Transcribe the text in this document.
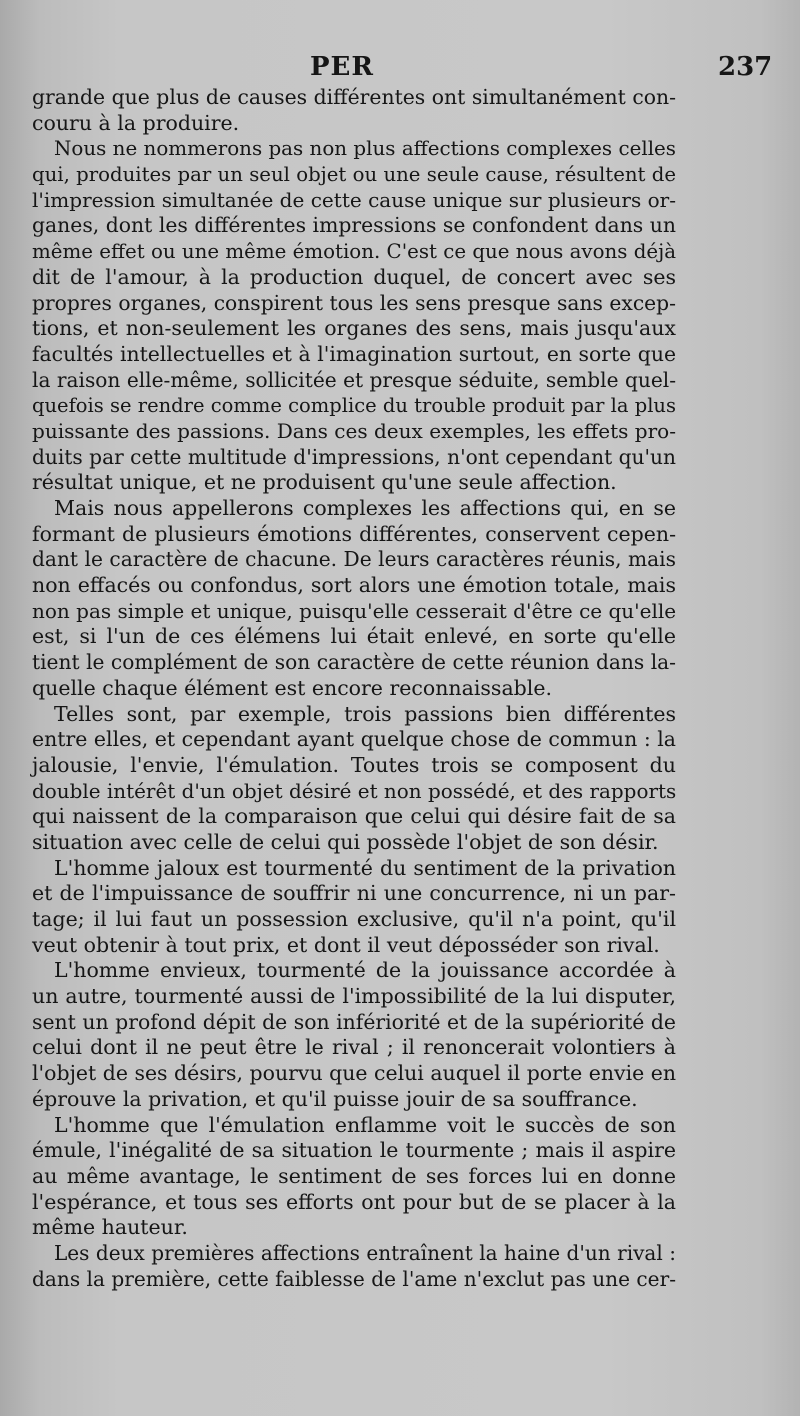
PER	237
grande que plus de causes différentes ont simultanément con-
couru à la produire.
Nous ne nommerons pas non plus affections complexes celles
qui, produites par un seul objet ou une seule cause, résultent de
l'impression simultanée de cette cause unique sur plusieurs or-
ganes, dont les différentes impressions se confondent dans un
même effet ou une même émotion. C'est ce que nous avons déjà
dit de l'amour, à la production duquel, de concert avec ses
propres organes, conspirent tous les sens presque sans excep-
tions, et non-seulement les organes des sens, mais jusqu'aux
facultés intellectuelles et à l'imagination surtout, en sorte que
la raison elle-même, sollicitée et presque séduite, semble quel-
quefois se rendre comme complice du trouble produit par la plus
puissante des passions. Dans ces deux exemples, les effets pro-
duits par cette multitude d'impressions, n'ont cependant qu'un
résultat unique, et ne produisent qu'une seule affection.
Mais nous appellerons complexes les affections qui, en se
formant de plusieurs émotions différentes, conservent cepen-
dant le caractère de chacune. De leurs caractères réunis, mais
non effacés ou confondus, sort alors une émotion totale, mais
non pas simple et unique, puisqu'elle cesserait d'être ce qu'elle
est, si l'un de ces élémens lui était enlevé, en sorte qu'elle
tient le complément de son caractère de cette réunion dans la-
quelle chaque élément est encore reconnaissable.
Telles sont, par exemple, trois passions bien différentes
entre elles, et cependant ayant quelque chose de commun : la
jalousie, l'envie, l'émulation. Toutes trois se composent du
double intérêt d'un objet désiré et non possédé, et des rapports
qui naissent de la comparaison que celui qui désire fait de sa
situation avec celle de celui qui possède l'objet de son désir.
L'homme jaloux est tourmenté du sentiment de la privation
et de l'impuissance de souffrir ni une concurrence, ni un par-
tage; il lui faut un possession exclusive, qu'il n'a point, qu'il
veut obtenir à tout prix, et dont il veut déposséder son rival.
L'homme envieux, tourmenté de la jouissance accordée à
un autre, tourmenté aussi de l'impossibilité de la lui disputer,
sent un profond dépit de son infériorité et de la supériorité de
celui dont il ne peut être le rival ; il renoncerait volontiers à
l'objet de ses désirs, pourvu que celui auquel il porte envie en
éprouve la privation, et qu'il puisse jouir de sa souffrance.
L'homme que l'émulation enflamme voit le succès de son
émule, l'inégalité de sa situation le tourmente ; mais il aspire
au même avantage, le sentiment de ses forces lui en donne
l'espérance, et tous ses efforts ont pour but de se placer à la
même hauteur.
Les deux premières affections entraînent la haine d'un rival :
dans la première, cette faiblesse de l'ame n'exclut pas une cer-
